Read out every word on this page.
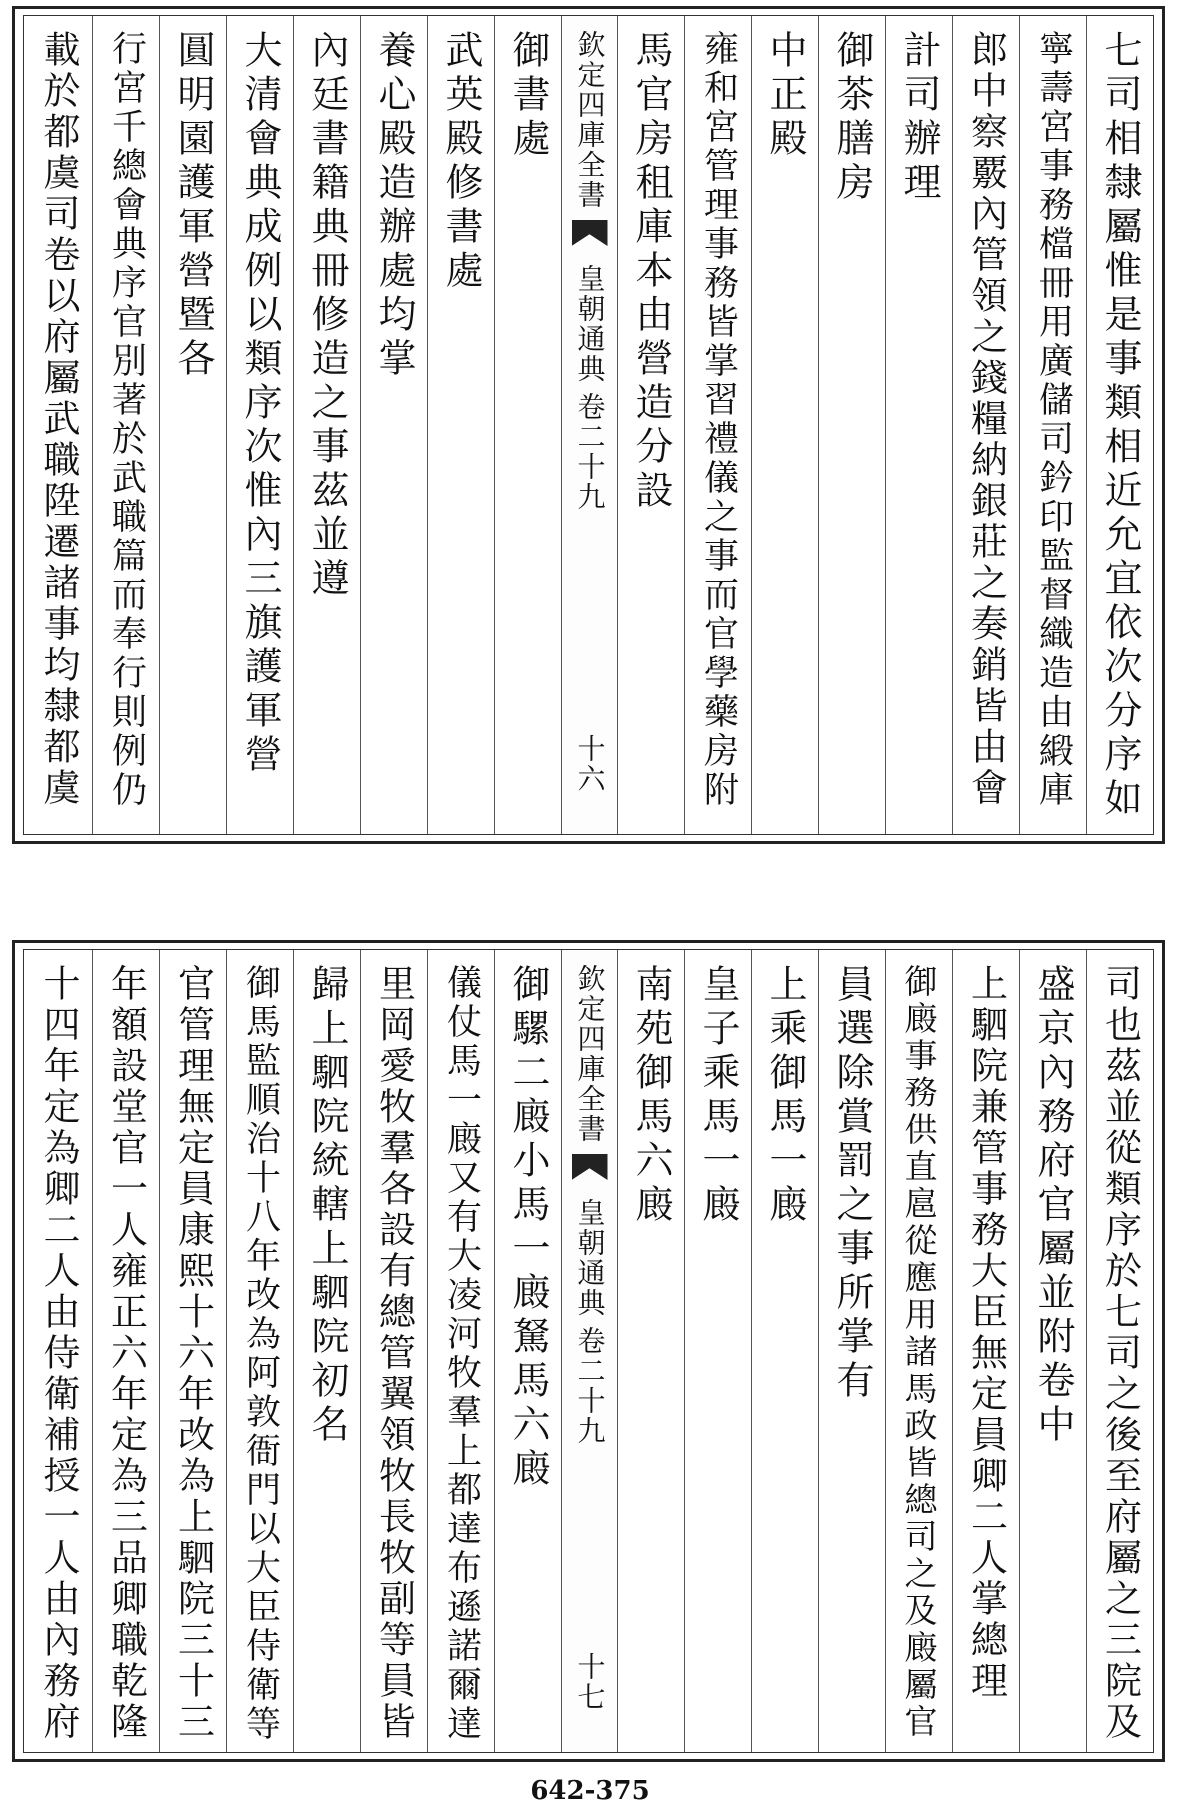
七司相隸屬惟是事類相近允宜依次分序如
寧壽宮事務檔冊用廣儲司鈐印監督織造由緞庫
郎中察覈內管領之錢糧納銀莊之奏銷皆由會
計司辦理
御茶膳房
中正殿
雍和宮管理事務皆掌習禮儀之事而官學藥房附
馬官房租庫本由營造分設
欽定四庫全書
皇朝通典
卷二十九
十六
御書處
武英殿修書處
養心殿造辦處均掌
內廷書籍典冊修造之事茲並遵
大清會典成例以類序次惟內三旗護軍營
圓明園護軍營暨各
行宮千總會典序官別著於武職篇而奉行則例仍
載於都虞司卷以府屬武職陞遷諸事均隸都虞
司也茲並從類序於七司之後至府屬之三院及
盛京內務府官屬並附卷中
上駟院兼管事務大臣無定員卿二人掌總理
御廄事務供直扈從應用諸馬政皆總司之及廄屬官
員選除賞罰之事所掌有
上乘御馬一廄
皇子乘馬一廄
南苑御馬六廄
欽定四庫全書
皇朝通典
卷二十九
十七
御騾二廄小馬一廄駑馬六廄
儀仗馬一廄又有大凌河牧羣上都達布遜諾爾達
里岡愛牧羣各設有總管翼領牧長牧副等員皆
歸上駟院統轄上駟院初名
御馬監順治十八年改為阿敦衙門以大臣侍衛等
官管理無定員康熙十六年改為上駟院三十三
年額設堂官一人雍正六年定為三品卿職乾隆
十四年定為卿二人由侍衛補授一人由內務府
642-375
